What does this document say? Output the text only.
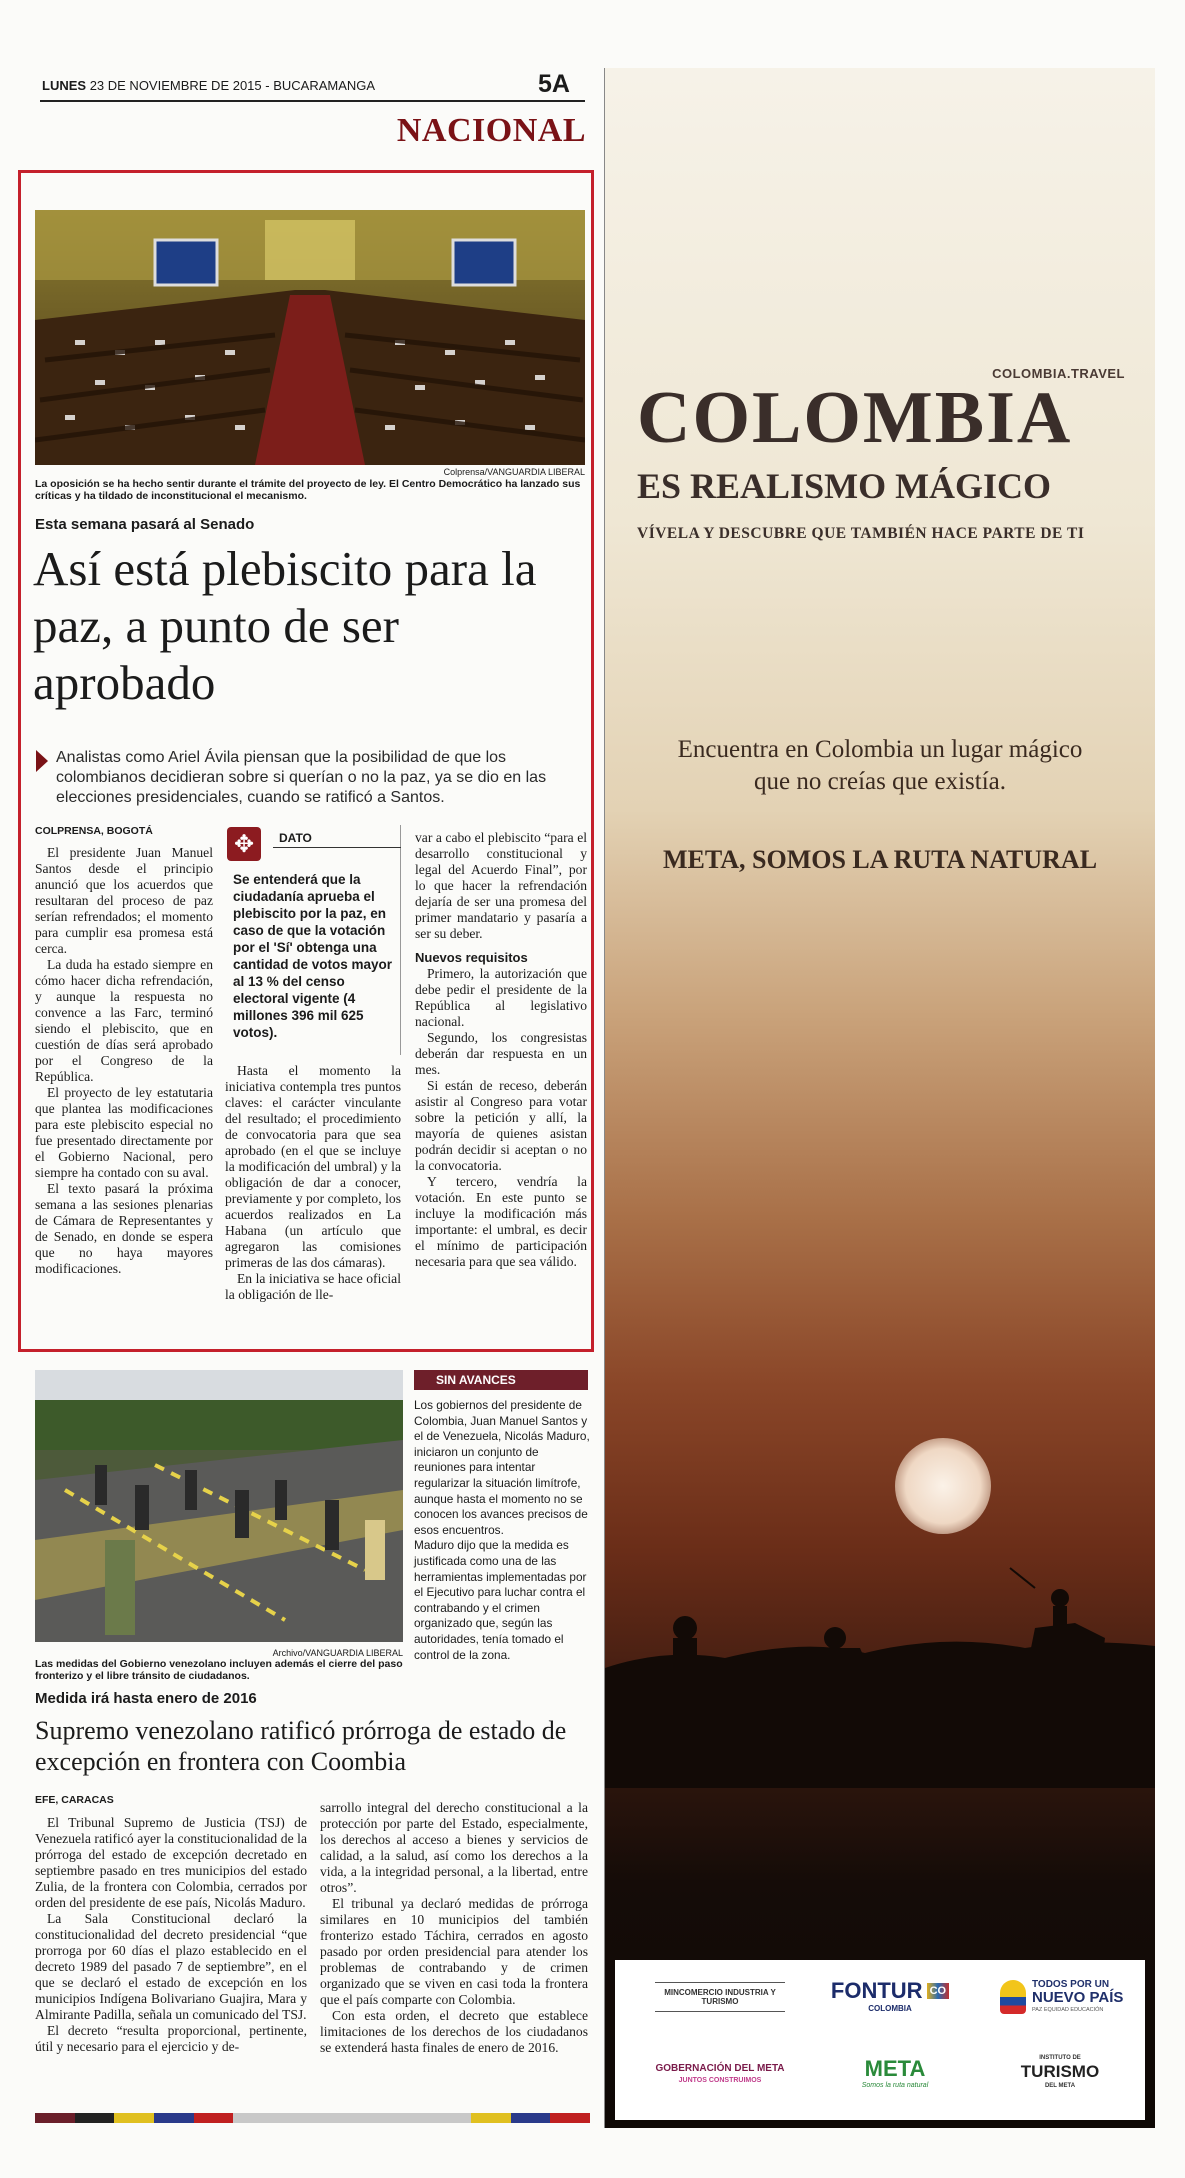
LUNES 23 DE NOVIEMBRE DE 2015 - BUCARAMANGA	5A
NACIONAL
Colprensa/VANGUARDIA LIBERAL
La oposición se ha hecho sentir durante el trámite del proyecto de ley. El Centro Democrático ha lanzado sus críticas y ha tildado de inconstitucional el mecanismo.
Esta semana pasará al Senado
Así está plebiscito para la paz, a punto de ser aprobado
Analistas como Ariel Ávila piensan que la posibilidad de que los colombianos decidieran sobre si querían o no la paz, ya se dio en las elecciones presidenciales, cuando se ratificó a Santos.
COLPRENSA, BOGOTÁ

El presidente Juan Manuel Santos desde el principio anunció que los acuerdos que resultaran del proceso de paz serían refrendados; el momento para cumplir esa promesa está cerca.

La duda ha estado siempre en cómo hacer dicha refrendación, y aunque la respuesta no convence a las Farc, terminó siendo el plebiscito, que en cuestión de días será aprobado por el Congreso de la República.

El proyecto de ley estatutaria que plantea las modificaciones para este plebiscito especial no fue presentado directamente por el Gobierno Nacional, pero siempre ha contado con su aval.

El texto pasará la próxima semana a las sesiones plenarias de Cámara de Representantes y de Senado, en donde se espera que no haya mayores modificaciones.

✥	DATO
Se entenderá que la ciudadanía aprueba el plebiscito por la paz, en caso de que la votación por el 'Sí' obtenga una cantidad de votos mayor al 13 % del censo electoral vigente (4 millones 396 mil 625 votos).

Hasta el momento la iniciativa contempla tres puntos claves: el carácter vinculante del resultado; el procedimiento de convocatoria para que sea aprobado (en el que se incluye la modificación del umbral) y la obligación de dar a conocer, previamente y por completo, los acuerdos realizados en La Habana (un artículo que agregaron las comisiones primeras de las dos cámaras).

En la iniciativa se hace oficial la obligación de lle-

var a cabo el plebiscito “para el desarrollo constitucional y legal del Acuerdo Final”, por lo que hacer la refrendación dejaría de ser una promesa del primer mandatario y pasaría a ser su deber.

Nuevos requisitos

Primero, la autorización que debe pedir el presidente de la República al legislativo nacional.

Segundo, los congresistas deberán dar respuesta en un mes.

Si están de receso, deberán asistir al Congreso para votar sobre la petición y allí, la mayoría de quienes asistan podrán decidir si aceptan o no la convocatoria.

Y tercero, vendría la votación. En este punto se incluye la modificación más importante: el umbral, es decir el mínimo de participación necesaria para que sea válido.

Archivo/VANGUARDIA LIBERAL
Las medidas del Gobierno venezolano incluyen además el cierre del paso fronterizo y el libre tránsito de ciudadanos.
SIN AVANCES

Los gobiernos del presidente de Colombia, Juan Manuel Santos y el de Venezuela, Nicolás Maduro, iniciaron un conjunto de reuniones para intentar regularizar la situación limítrofe, aunque hasta el momento no se conocen los avances precisos de esos encuentros.

Maduro dijo que la medida es justificada como una de las herramientas implementadas por el Ejecutivo para luchar contra el contrabando y el crimen organizado que, según las autoridades, tenía tomado el control de la zona.

Medida irá hasta enero de 2016
Supremo venezolano ratificó prórroga de estado de excepción en frontera con Coombia
EFE, CARACAS

El Tribunal Supremo de Justicia (TSJ) de Venezuela ratificó ayer la constitucionalidad de la prórroga del estado de excepción decretado en septiembre pasado en tres municipios del estado Zulia, de la frontera con Colombia, cerrados por orden del presidente de ese país, Nicolás Maduro.

La Sala Constitucional declaró la constitucionalidad del decreto presidencial “que prorroga por 60 días el plazo establecido en el decreto 1989 del pasado 7 de septiembre”, en el que se declaró el estado de excepción en los municipios Indígena Bolivariano Guajira, Mara y Almirante Padilla, señala un comunicado del TSJ.

El decreto “resulta proporcional, pertinente, útil y necesario para el ejercicio y de-

sarrollo integral del derecho constitucional a la protección por parte del Estado, especialmente, los derechos al acceso a bienes y servicios de calidad, a la salud, así como los derechos a la vida, a la integridad personal, a la libertad, entre otros”.

El tribunal ya declaró medidas de prórroga similares en 10 municipios del también fronterizo estado Táchira, cerrados en agosto pasado por orden presidencial para atender los problemas de contrabando y de crimen organizado que se viven en casi toda la frontera que el país comparte con Colombia.

Con esta orden, el decreto que establece limitaciones de los derechos de los ciudadanos se extenderá hasta finales de enero de 2016.

COLOMBIA.TRAVEL
COLOMBIA
ES REALISMO MÁGICO
VÍVELA Y DESCUBRE QUE TAMBIÉN HACE PARTE DE TI
Encuentra en Colombia un lugar mágico
que no creías que existía.
META, SOMOS LA RUTA NATURAL
MINCOMERCIO INDUSTRIA Y TURISMO	FONTUR CO
COLOMBIA
TODOS POR UN
NUEVO PAÍS
PAZ EQUIDAD EDUCACIÓN
GOBERNACIÓN DEL META
JUNTOS CONSTRUIMOS	META
Somos la ruta natural
INSTITUTO DE
TURISMO
DEL META
